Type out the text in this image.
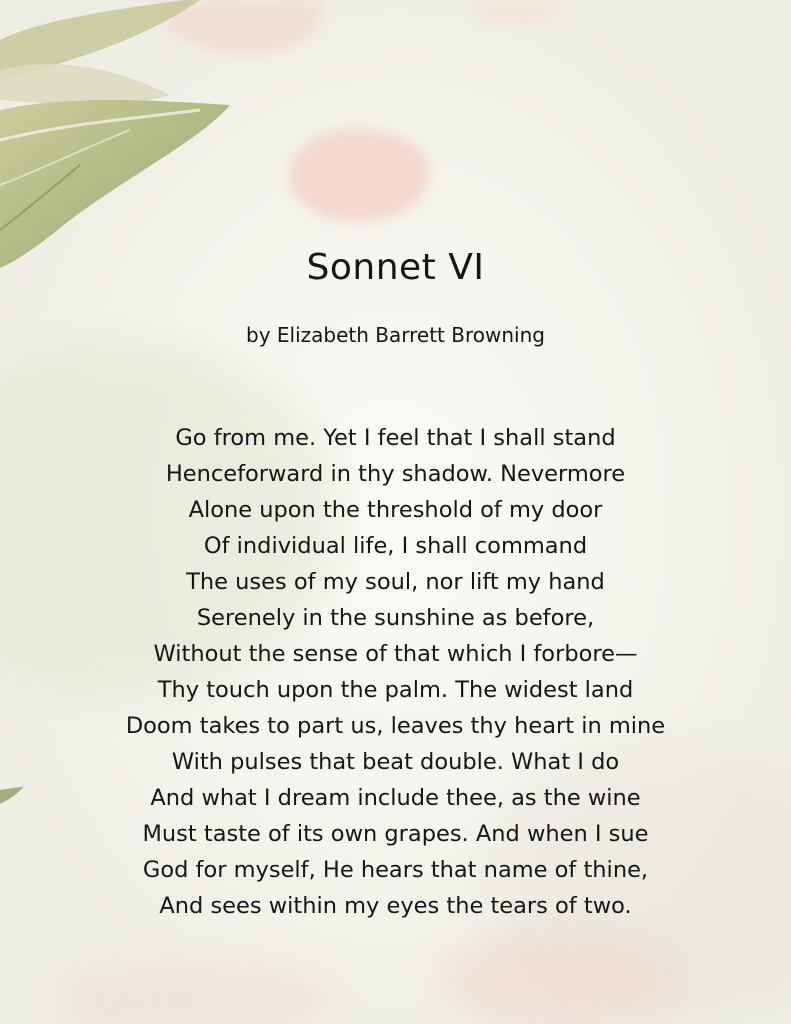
Sonnet VI

by Elizabeth Barrett Browning

Go from me. Yet I feel that I shall stand
Henceforward in thy shadow. Nevermore
Alone upon the threshold of my door
Of individual life, I shall command
The uses of my soul, nor lift my hand
Serenely in the sunshine as before,
Without the sense of that which I forbore—
Thy touch upon the palm. The widest land
Doom takes to part us, leaves thy heart in mine
With pulses that beat double. What I do
And what I dream include thee, as the wine
Must taste of its own grapes. And when I sue
God for myself, He hears that name of thine,
And sees within my eyes the tears of two.
